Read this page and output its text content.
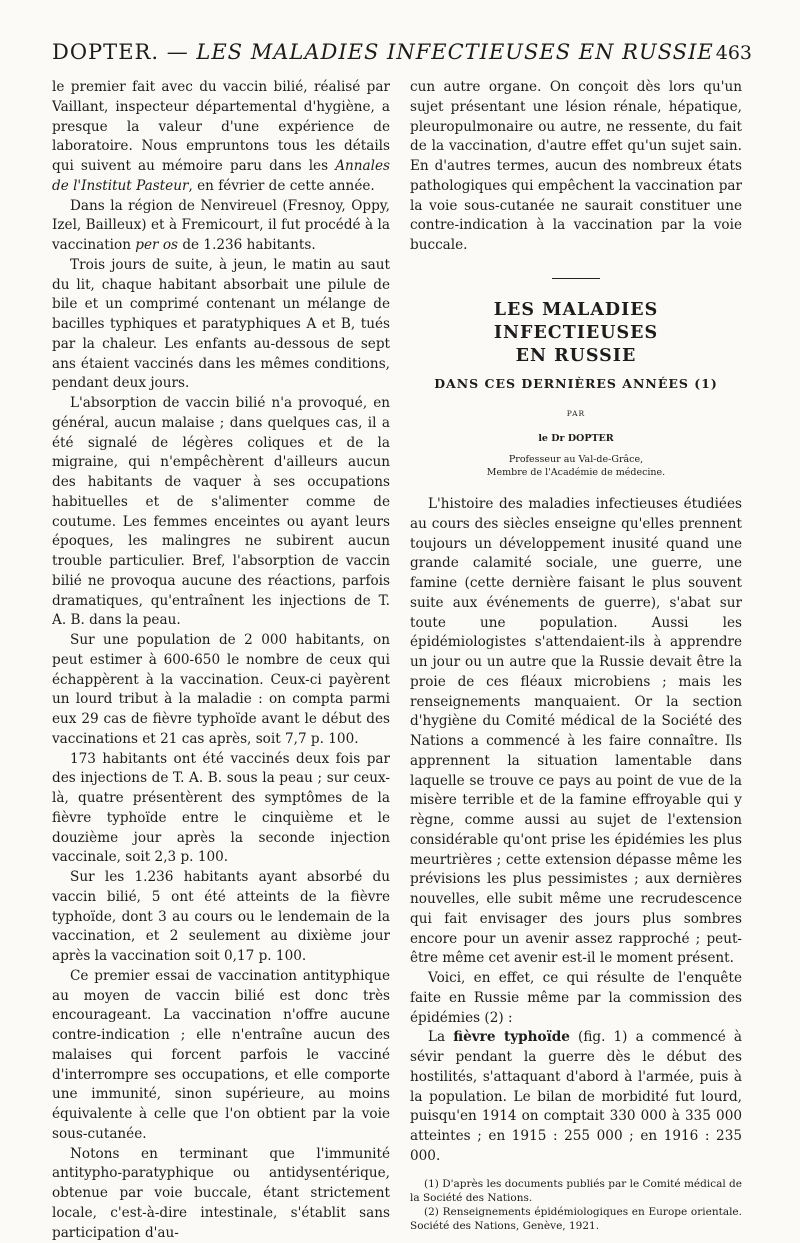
DOPTER. — LES MALADIES INFECTIEUSES EN RUSSIE 463

le premier fait avec du vaccin bilié, réalisé par Vaillant, inspecteur départemental d'hygiène, a presque la valeur d'une expérience de laboratoire. Nous empruntons tous les détails qui suivent au mémoire paru dans les Annales de l'Institut Pasteur, en février de cette année.

Dans la région de Nenvireuel (Fresnoy, Oppy, Izel, Bailleux) et à Fremicourt, il fut procédé à la vaccination per os de 1.236 habitants.

Trois jours de suite, à jeun, le matin au saut du lit, chaque habitant absorbait une pilule de bile et un comprimé contenant un mélange de bacilles typhiques et paratyphiques A et B, tués par la chaleur. Les enfants au-dessous de sept ans étaient vaccinés dans les mêmes conditions, pendant deux jours.

L'absorption de vaccin bilié n'a provoqué, en général, aucun malaise ; dans quelques cas, il a été signalé de légères coliques et de la migraine, qui n'empêchèrent d'ailleurs aucun des habitants de vaquer à ses occupations habituelles et de s'alimenter comme de coutume. Les femmes enceintes ou ayant leurs époques, les malingres ne subirent aucun trouble particulier. Bref, l'absorption de vaccin bilié ne provoqua aucune des réactions, parfois dramatiques, qu'entraînent les injections de T. A. B. dans la peau.

Sur une population de 2 000 habitants, on peut estimer à 600-650 le nombre de ceux qui échappèrent à la vaccination. Ceux-ci payèrent un lourd tribut à la maladie : on compta parmi eux 29 cas de fièvre typhoïde avant le début des vaccinations et 21 cas après, soit 7,7 p. 100.

173 habitants ont été vaccinés deux fois par des injections de T. A. B. sous la peau ; sur ceux-là, quatre présentèrent des symptômes de la fièvre typhoïde entre le cinquième et le douzième jour après la seconde injection vaccinale, soit 2,3 p. 100.

Sur les 1.236 habitants ayant absorbé du vaccin bilié, 5 ont été atteints de la fièvre typhoïde, dont 3 au cours ou le lendemain de la vaccination, et 2 seulement au dixième jour après la vaccination soit 0,17 p. 100.

Ce premier essai de vaccination antityphique au moyen de vaccin bilié est donc très encourageant. La vaccination n'offre aucune contre-indication ; elle n'entraîne aucun des malaises qui forcent parfois le vacciné d'interrompre ses occupations, et elle comporte une immunité, sinon supérieure, au moins équivalente à celle que l'on obtient par la voie sous-cutanée.

Notons en terminant que l'immunité antitypho-paratyphique ou antidysentérique, obtenue par voie buccale, étant strictement locale, c'est-à-dire intestinale, s'établit sans participation d'au-

cun autre organe. On conçoit dès lors qu'un sujet présentant une lésion rénale, hépatique, pleuropulmonaire ou autre, ne ressente, du fait de la vaccination, d'autre effet qu'un sujet sain. En d'autres termes, aucun des nombreux états pathologiques qui empêchent la vaccination par la voie sous-cutanée ne saurait constituer une contre-indication à la vaccination par la voie buccale.

LES MALADIES INFECTIEUSES
EN RUSSIE
DANS CES DERNIÈRES ANNÉES (1)
PAR
le Dr DOPTER
Professeur au Val-de-Grâce,
Membre de l'Académie de médecine.

L'histoire des maladies infectieuses étudiées au cours des siècles enseigne qu'elles prennent toujours un développement inusité quand une grande calamité sociale, une guerre, une famine (cette dernière faisant le plus souvent suite aux événements de guerre), s'abat sur toute une population. Aussi les épidémiologistes s'attendaient-ils à apprendre un jour ou un autre que la Russie devait être la proie de ces fléaux microbiens ; mais les renseignements manquaient. Or la section d'hygiène du Comité médical de la Société des Nations a commencé à les faire connaître. Ils apprennent la situation lamentable dans laquelle se trouve ce pays au point de vue de la misère terrible et de la famine effroyable qui y règne, comme aussi au sujet de l'extension considérable qu'ont prise les épidémies les plus meurtrières ; cette extension dépasse même les prévisions les plus pessimistes ; aux dernières nouvelles, elle subit même une recrudescence qui fait envisager des jours plus sombres encore pour un avenir assez rapproché ; peut-être même cet avenir est-il le moment présent.

Voici, en effet, ce qui résulte de l'enquête faite en Russie même par la commission des épidémies (2) :

La fièvre typhoïde (fig. 1) a commencé à sévir pendant la guerre dès le début des hostilités, s'attaquant d'abord à l'armée, puis à la population. Le bilan de morbidité fut lourd, puisqu'en 1914 on comptait 330 000 à 335 000 atteintes ; en 1915 : 255 000 ; en 1916 : 235 000.

(1) D'après les documents publiés par le Comité médical de la Société des Nations.

(2) Renseignements épidémiologiques en Europe orientale. Société des Nations, Genève, 1921.
